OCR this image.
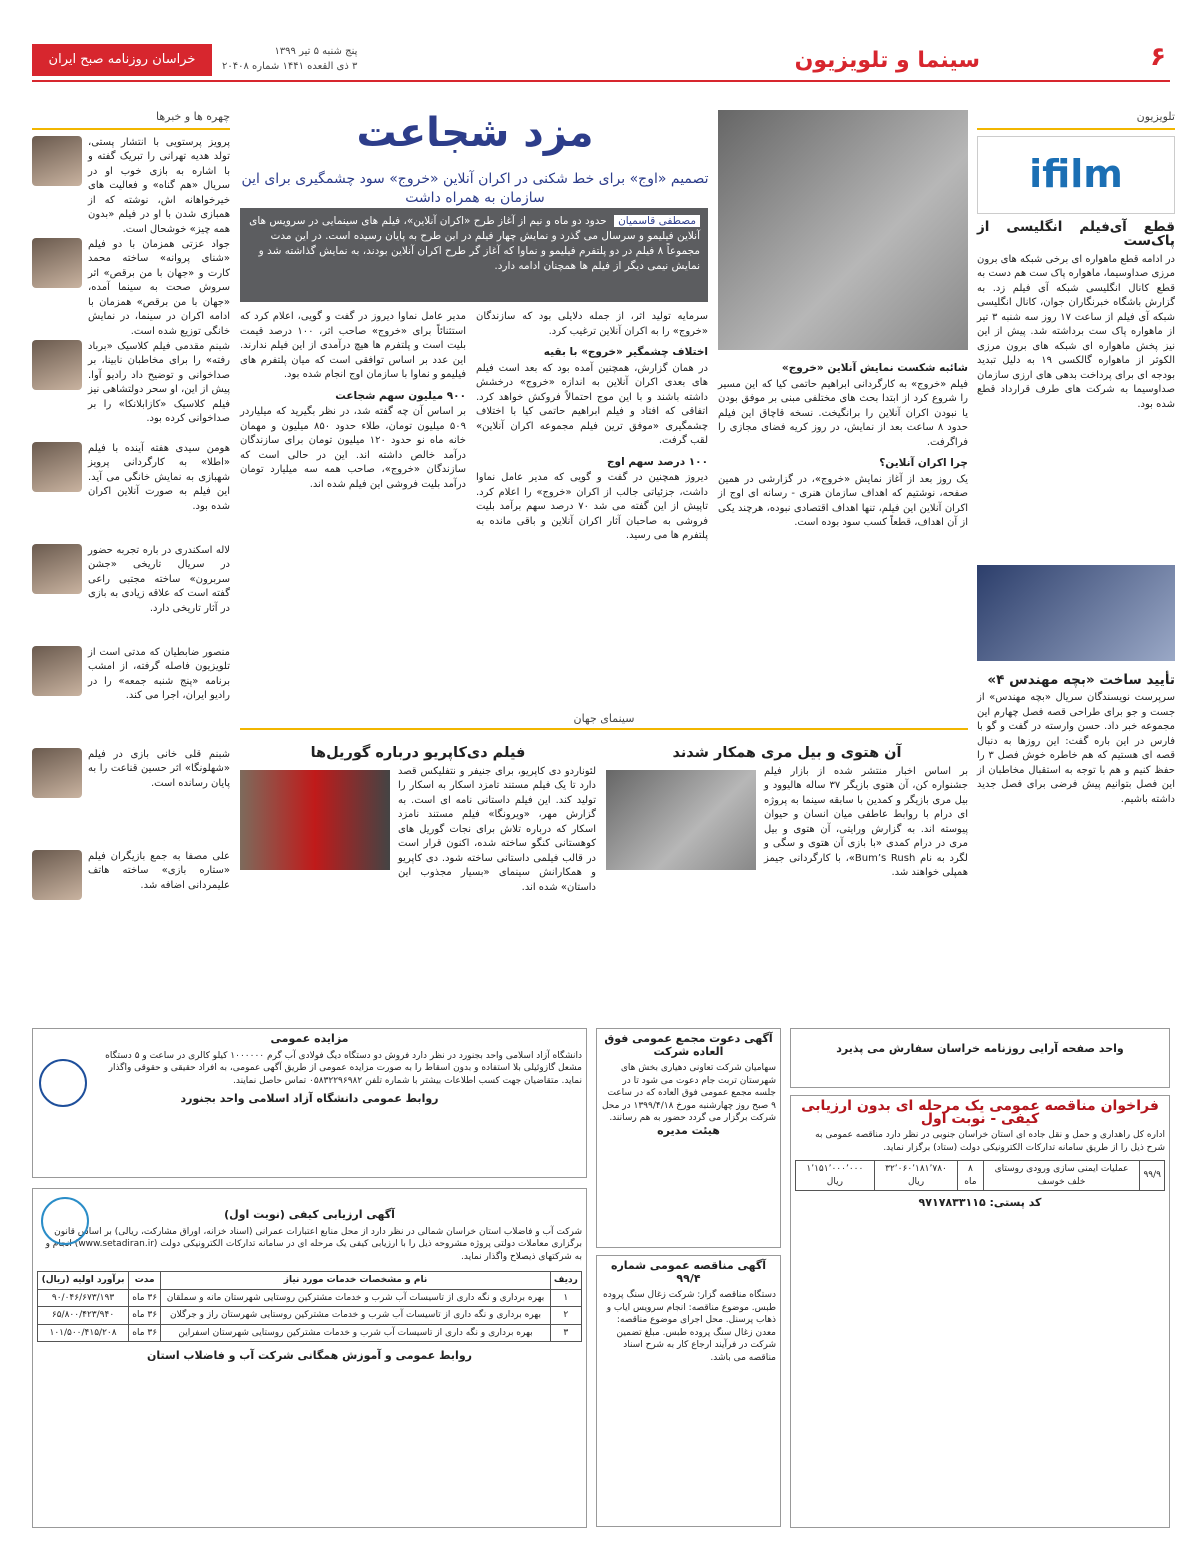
۶
سینما و تلویزیون
پنج شنبه ۵ تیر ۱۳۹۹
۳ ذی القعده ۱۴۴۱ شماره ۲۰۴۰۸
خراسان روزنامه صبح ایران
تلویزیون
ifilm
قطع آی‌فیلم انگلیسی از پاک‌ست
در ادامه قطع ماهواره ای برخی شبکه های برون مرزی صداوسیما، ماهواره پاک ست هم دست به قطع کانال انگلیسی شبکه آی فیلم زد. به گزارش باشگاه خبرنگاران جوان، کانال انگلیسی شبکه آی فیلم از ساعت ۱۷ روز سه شنبه ۳ تیر از ماهواره پاک ست برداشته شد. پیش از این نیز پخش ماهواره ای شبکه های برون مرزی الکوثر از ماهواره گالکسی ۱۹ به دلیل تبدید بودجه ای برای پرداخت بدهی های ارزی سازمان صداوسیما به شرکت های طرف قرارداد قطع شده بود.
تأیید ساخت «بچه مهندس ۴»
سرپرست نویسندگان سریال «بچه مهندس» از جست و جو برای طراحی قصه فصل چهارم این مجموعه خبر داد. حسن وارسته در گفت و گو با فارس در این باره گفت: این روزها به دنبال قصه ای هستیم که هم خاطره خوش فصل ۳ را حفظ کنیم و هم با توجه به استقبال مخاطبان از این فصل بتوانیم پیش فرضی برای فصل جدید داشته باشیم.
مزد شجاعت
تصمیم «اوج» برای خط شکنی در اکران آنلاین «خروج» سود چشمگیری برای این سازمان به همراه داشت
مصطفی قاسمیان حدود دو ماه و نیم از آغاز طرح «اکران آنلاین»، فیلم های سینمایی در سرویس های آنلاین فیلیمو و سرسال می گذرد و نمایش چهار فیلم در این طرح به پایان رسیده است. در این مدت مجموعاً ۸ فیلم در دو پلتفرم فیلیمو و نماوا که آغاز گر طرح اکران آنلاین بودند، به نمایش گذاشته شد و نمایش نیمی دیگر از فیلم ها همچنان ادامه دارد.
شائبه شکست نمایش آنلاین «خروج»
فیلم «خروج» به کارگردانی ابراهیم حاتمی کیا که این مسیر را شروع کرد از ابتدا بحث های مختلفی مبنی بر موفق بودن یا نبودن اکران آنلاین را برانگیخت. نسخه قاچاق این فیلم حدود ۸ ساعت بعد از نمایش، در روز کریه فضای مجازی را فراگرفت.
چرا اکران آنلاین؟
یک روز بعد از آغاز نمایش «خروج»، در گزارشی در همین صفحه، نوشتیم که اهداف سازمان هنری - رسانه ای اوج از اکران آنلاین این فیلم، تنها اهداف اقتصادی نبوده، هرچند یکی از آن اهداف، قطعاً کسب سود بوده است.
سرمایه تولید اثر، از جمله دلایلی بود که سازندگان «خروج» را به اکران آنلاین ترغیب کرد.
اختلاف چشمگیر «خروج» با بقیه
در همان گزارش، همچنین آمده بود که بعد است فیلم های بعدی اکران آنلاین به اندازه «خروج» درخشش داشته باشند و با این موج احتمالاً فروکش خواهد کرد. اتفاقی که افتاد و فیلم ابراهیم حاتمی کیا با اختلاف چشمگیری «موفق ترین فیلم مجموعه اکران آنلاین» لقب گرفت.
۱۰۰ درصد سهم اوج
دیروز همچنین در گفت و گویی که مدیر عامل نماوا داشت، جزئیاتی جالب از اکران «خروج» را اعلام کرد. تاپیش از این گفته می شد ۷۰ درصد سهم برآمد بلیت فروشی به صاحبان آثار اکران آنلاین و باقی مانده به پلتفرم ها می رسید.
مدیر عامل نماوا دیروز در گفت و گویی، اعلام کرد که استثنائاً برای «خروج» صاحب اثر، ۱۰۰ درصد قیمت بلیت است و پلتفرم ها هیچ درآمدی از این فیلم ندارند. این عدد بر اساس توافقی است که میان پلتفرم های فیلیمو و نماوا با سازمان اوج انجام شده بود.
۹۰۰ میلیون سهم شجاعت
بر اساس آن چه گفته شد، در نظر بگیرید که میلیاردر ۵۰۹ میلیون تومان، طلاء حدود ۸۵۰ میلیون و مهمان خانه ماه نو حدود ۱۲۰ میلیون تومان برای سازندگان درآمد خالص داشته اند. این در حالی است که سازندگان «خروج»، صاحب همه سه میلیارد تومان درآمد بلیت فروشی این فیلم شده اند.
چهره ها و خبرها
پرویز پرستویی با انتشار پستی، تولد هدیه تهرانی را تبریک گفته و با اشاره به بازی خوب او در سریال «هم گناه» و فعالیت های خیرخواهانه اش، نوشته که از همبازی شدن با او در فیلم «بدون همه چیز» خوشحال است.
جواد عزتی همزمان با دو فیلم «شنای پروانه» ساخته محمد کارت و «جهان با من برقص» اثر سروش صحت به سینما آمده، «جهان با من برقص» همزمان با ادامه اکران در سینما، در نمایش خانگی توزیع شده است.
شبنم مقدمی فیلم کلاسیک «برباد رفته» را برای مخاطبان نابینا، بر صداخوانی و توضیح داد رادیو آوا. پیش از این، او سحر دولتشاهی نیز فیلم کلاسیک «کازابلانکا» را بر صداخوانی کرده بود.
هومن سیدی هفته آینده با فیلم «اطلا» به کارگردانی پرویز شهبازی به نمایش خانگی می آید. این فیلم به صورت آنلاین اکران شده بود.
لاله اسکندری در باره تجربه حضور در سریال تاریخی «جشن سربرون» ساخته مجتبی راعی گفته است که علاقه زیادی به بازی در آثار تاریخی دارد.
منصور ضابطیان که مدتی است از تلویزیون فاصله گرفته، از امشب برنامه «پنج شنبه جمعه» را در رادیو ایران، اجرا می کند.
شبنم قلی خانی بازی در فیلم «شهلونگا» اثر حسین قناعت را به پایان رسانده است.
علی مصفا به جمع بازیگران فیلم «ستاره بازی» ساخته هاتف علیمردانی اضافه شد.
سینمای جهان
آن هتوی و بیل مری همکار شدند
بر اساس اخبار منتشر شده از بازار فیلم جشنواره کن، آن هتوی بازیگر ۳۷ ساله هالیوود و بیل مری بازیگر و کمدین با سابقه سینما به پروژه ای درام با روابط عاطفی میان انسان و حیوان پیوسته اند. به گزارش ورایتی، آن هتوی و بیل مری در درام کمدی «با بازی آن هتوی و سگی و لگرد به نام Bum’s Rush»، با کارگردانی جیمز همپلی خواهند شد.
فیلم دی‌کاپریو درباره گوریل‌ها
لئوناردو دی کاپریو، برای جنیفر و نتفلیکس قصد دارد تا یک فیلم مستند تامزد اسکار به اسکار را تولید کند. این فیلم داستانی نامه ای است. به گزارش مهر، «ویرونگا» فیلم مستند نامزد اسکار که درباره تلاش برای نجات گوریل های کوهستانی کنگو ساخته شده، اکنون قرار است در قالب فیلمی داستانی ساخته شود. دی کاپریو و همکارانش سینمای «بسیار مجذوب این داستان» شده اند.
مزایده عمومی
دانشگاه آزاد اسلامی واحد بجنورد در نظر دارد فروش دو دستگاه دیگ فولادی آب گرم ۱۰۰۰۰۰۰ کیلو کالری در ساعت و ۵ دستگاه مشعل گازوئیلی بلا استفاده و بدون اسقاط را به صورت مزایده عمومی از طریق آگهی عمومی، به افراد حقیقی و حقوقی واگذار نماید. متقاضیان جهت کسب اطلاعات بیشتر با شماره تلفن ۰۵۸۳۲۲۹۶۹۸۲ تماس حاصل نمایند.
روابط عمومی دانشگاه آزاد اسلامی واحد بجنورد
آگهی ارزیابی کیفی (نوبت اول)
شرکت آب و فاضلاب استان خراسان شمالی در نظر دارد از محل منابع اعتبارات عمرانی (اسناد خزانه، اوراق مشارکت، ریالی) بر اساس قانون برگزاری معاملات دولتی پروژه مشروحه ذیل را با ارزیابی کیفی یک مرحله ای در سامانه تدارکات الکترونیکی دولت (www.setadiran.ir) انجام و به شرکتهای ذیصلاح واگذار نماید.
ردیف	نام و مشخصات خدمات مورد نیاز	مدت	برآورد اولیه (ریال)
۱	بهره برداری و نگه داری از تاسیسات آب شرب و خدمات مشترکین روستایی شهرستان مانه و سملقان	۳۶ ماه	۹۰/۰۴۶/۶۷۳/۱۹۳
۲	بهره برداری و نگه داری از تاسیسات آب شرب و خدمات مشترکین روستایی شهرستان راز و جرگلان	۳۶ ماه	۶۵/۸۰۰/۴۲۳/۹۴۰
۳	بهره برداری و نگه داری از تاسیسات آب شرب و خدمات مشترکین روستایی شهرستان اسفراین	۳۶ ماه	۱۰۱/۵۰۰/۴۱۵/۲۰۸
روابط عمومی و آموزش همگانی شرکت آب و فاضلاب استان
آگهی دعوت مجمع عمومی فوق العاده شرکت
سهامیان شرکت تعاونی دهیاری بخش های شهرستان تربت جام دعوت می شود تا در جلسه مجمع عمومی فوق العاده که در ساعت ۹ صبح روز چهارشنبه مورخ ۱۳۹۹/۴/۱۸ در محل شرکت برگزار می گردد حضور به هم رسانند.
هیئت مدیره
آگهی مناقصه عمومی شماره ۹۹/۴
دستگاه مناقصه گزار: شرکت زغال سنگ پروده طبس. موضوع مناقصه: انجام سرویس ایاب و ذهاب پرسنل. محل اجرای موضوع مناقصه: معدن زغال سنگ پروده طبس. مبلغ تضمین شرکت در فرآیند ارجاع کار به شرح اسناد مناقصه می باشد.
واحد صفحه آرایی روزنامه خراسان سفارش می پذیرد
فراخوان مناقصه عمومی یک مرحله ای بدون ارزیابی کیفی - نوبت اول
اداره کل راهداری و حمل و نقل جاده ای استان خراسان جنوبی در نظر دارد مناقصه عمومی به شرح ذیل را از طریق سامانه تدارکات الکترونیکی دولت (ستاد) برگزار نماید.
۹۹/۹	عملیات ایمنی سازی ورودی روستای خلف خوسف	۸ ماه	۳۲٬۰۶۰٬۱۸۱٬۷۸۰ ریال	۱٬۱۵۱٬۰۰۰٬۰۰۰ ریال
کد پستی: ۹۷۱۷۸۳۳۱۱۵
